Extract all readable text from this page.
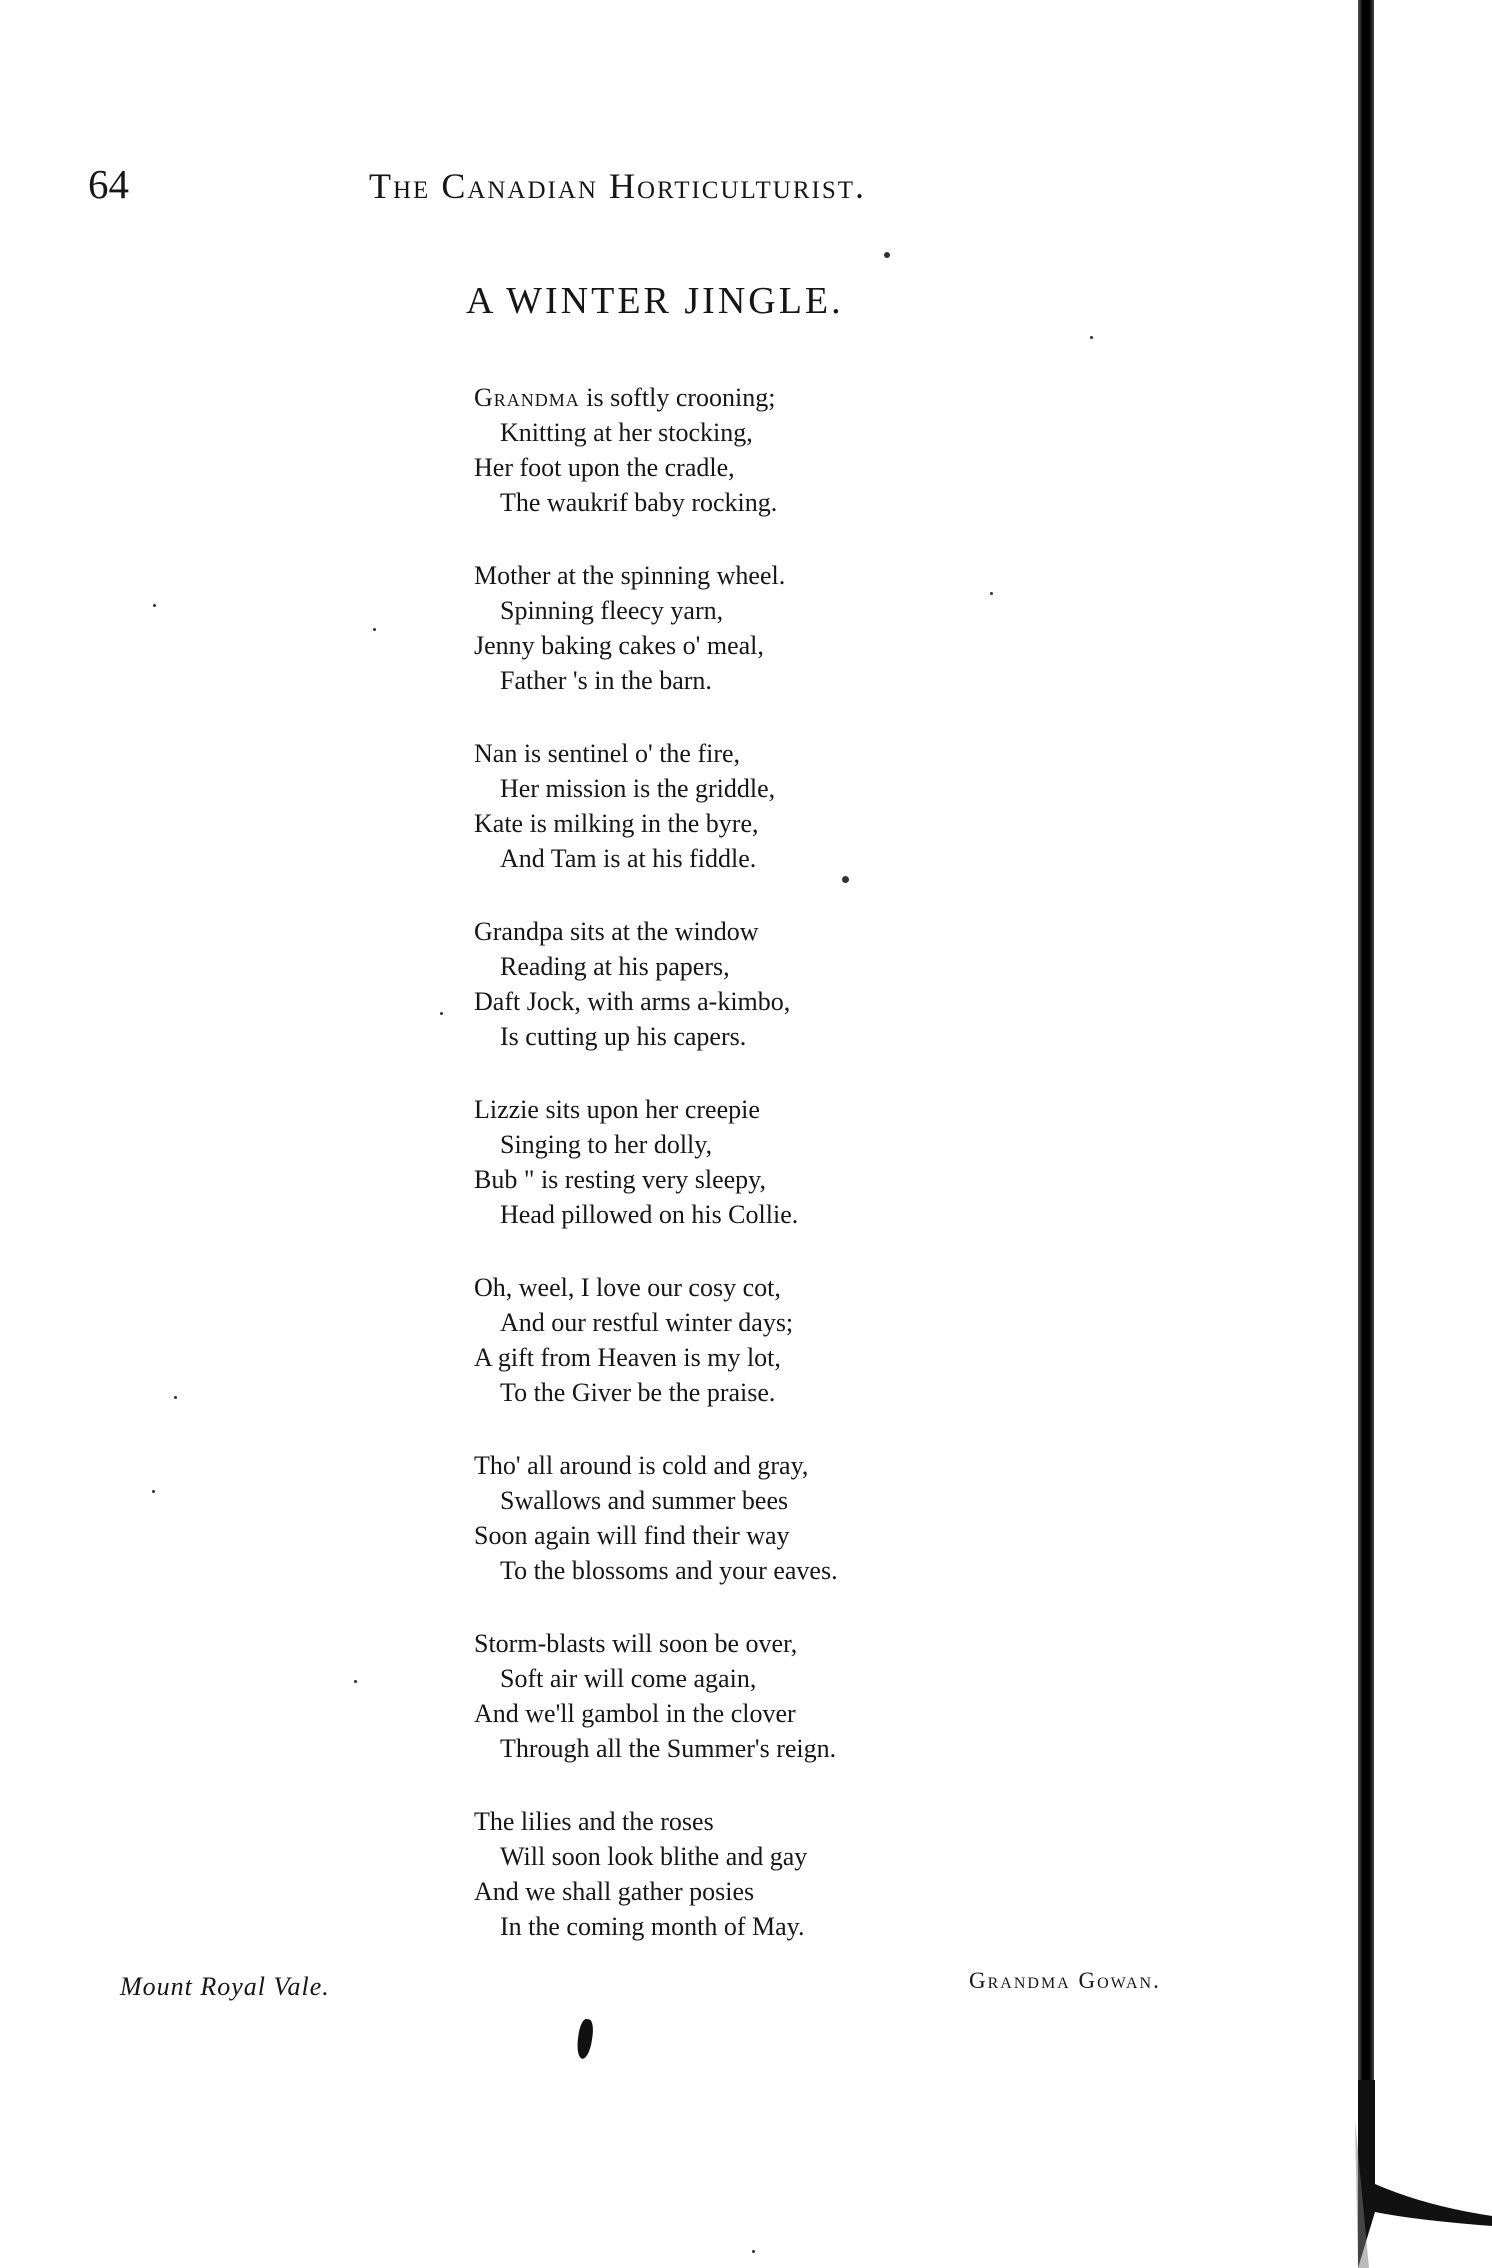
64	The Canadian Horticulturist.
A WINTER JINGLE.
Grandma is softly crooning;
Knitting at her stocking,
Her foot upon the cradle,
The waukrif baby rocking.
Mother at the spinning wheel.
Spinning fleecy yarn,
Jenny baking cakes o' meal,
Father 's in the barn.
Nan is sentinel o' the fire,
Her mission is the griddle,
Kate is milking in the byre,
And Tam is at his fiddle.
Grandpa sits at the window
Reading at his papers,
Daft Jock, with arms a-kimbo,
Is cutting up his capers.
Lizzie sits upon her creepie
Singing to her dolly,
Bub " is resting very sleepy,
Head pillowed on his Collie.
Oh, weel, I love our cosy cot,
And our restful winter days;
A gift from Heaven is my lot,
To the Giver be the praise.
Tho' all around is cold and gray,
Swallows and summer bees
Soon again will find their way
To the blossoms and your eaves.
Storm-blasts will soon be over,
Soft air will come again,
And we'll gambol in the clover
Through all the Summer's reign.
The lilies and the roses
Will soon look blithe and gay
And we shall gather posies
In the coming month of May.
Mount Royal Vale.	Grandma Gowan.
